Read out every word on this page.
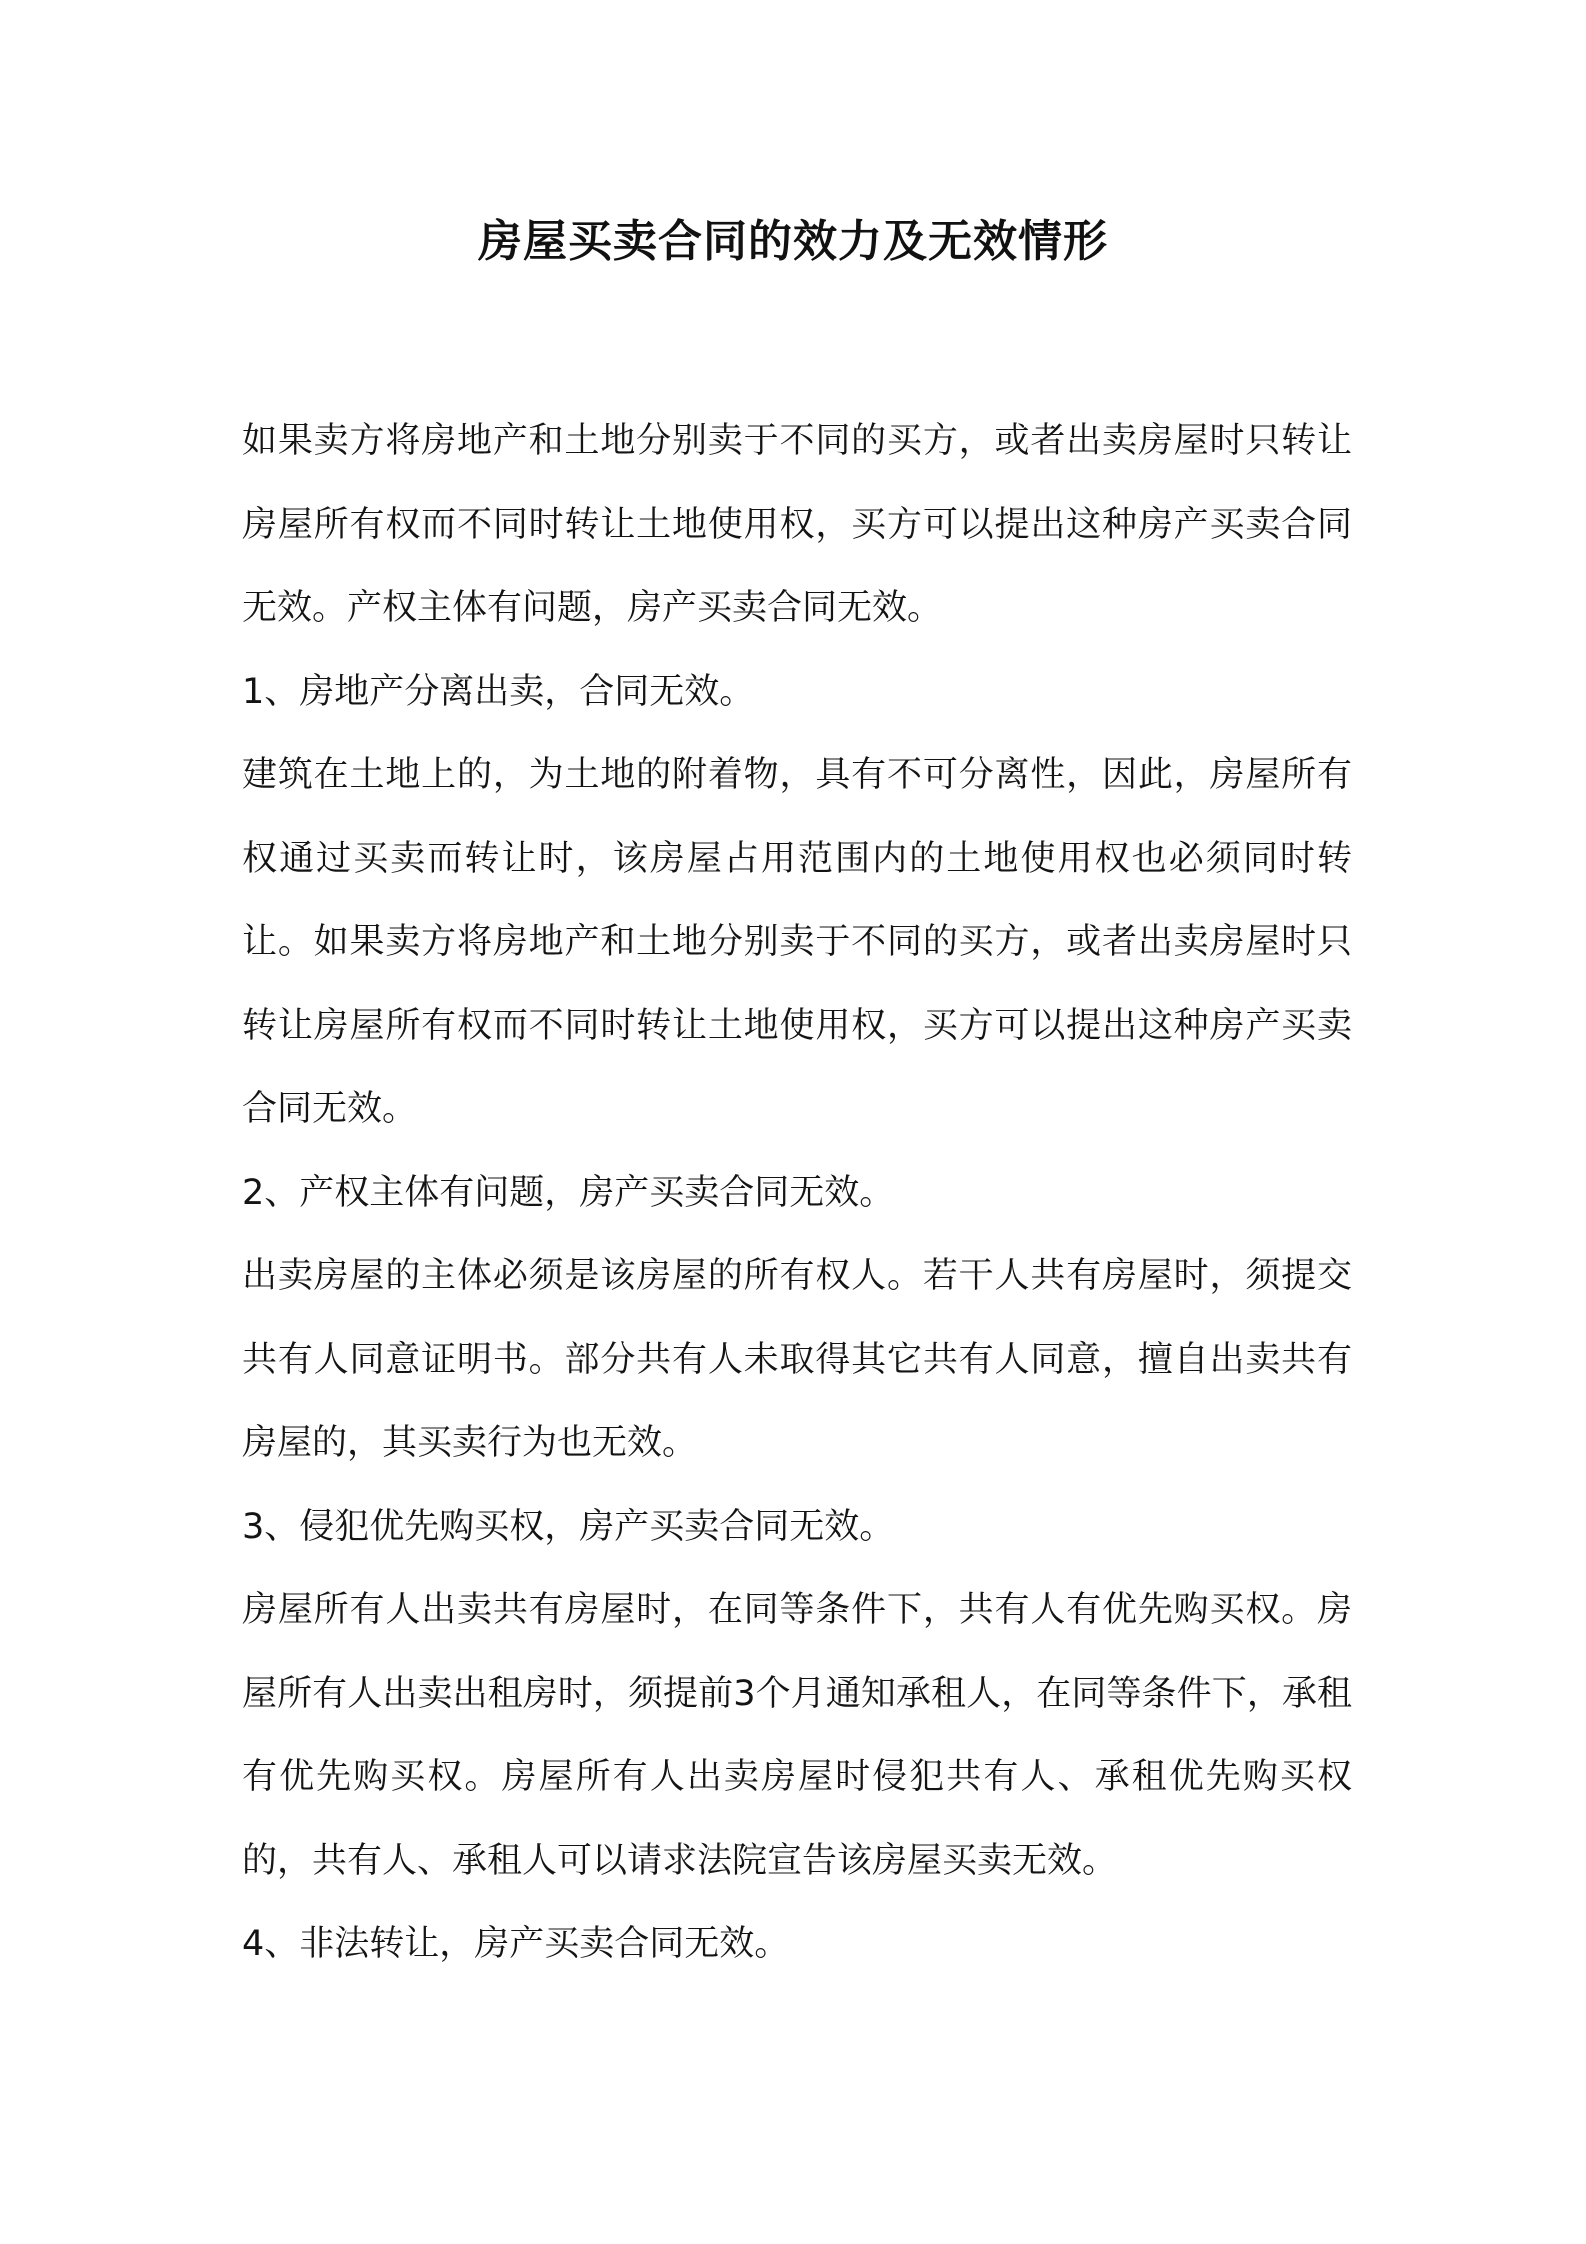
房屋买卖合同的效力及无效情形

如果卖方将房地产和土地分别卖于不同的买方，或者出卖房屋时只转让房屋所有权而不同时转让土地使用权，买方可以提出这种房产买卖合同无效。产权主体有问题，房产买卖合同无效。

1、房地产分离出卖，合同无效。

建筑在土地上的，为土地的附着物，具有不可分离性，因此，房屋所有权通过买卖而转让时，该房屋占用范围内的土地使用权也必须同时转让。如果卖方将房地产和土地分别卖于不同的买方，或者出卖房屋时只转让房屋所有权而不同时转让土地使用权，买方可以提出这种房产买卖合同无效。

2、产权主体有问题，房产买卖合同无效。

出卖房屋的主体必须是该房屋的所有权人。若干人共有房屋时，须提交共有人同意证明书。部分共有人未取得其它共有人同意，擅自出卖共有房屋的，其买卖行为也无效。

3、侵犯优先购买权，房产买卖合同无效。

房屋所有人出卖共有房屋时，在同等条件下，共有人有优先购买权。房屋所有人出卖出租房时，须提前3个月通知承租人，在同等条件下，承租有优先购买权。房屋所有人出卖房屋时侵犯共有人、承租优先购买权的，共有人、承租人可以请求法院宣告该房屋买卖无效。

4、非法转让，房产买卖合同无效。
